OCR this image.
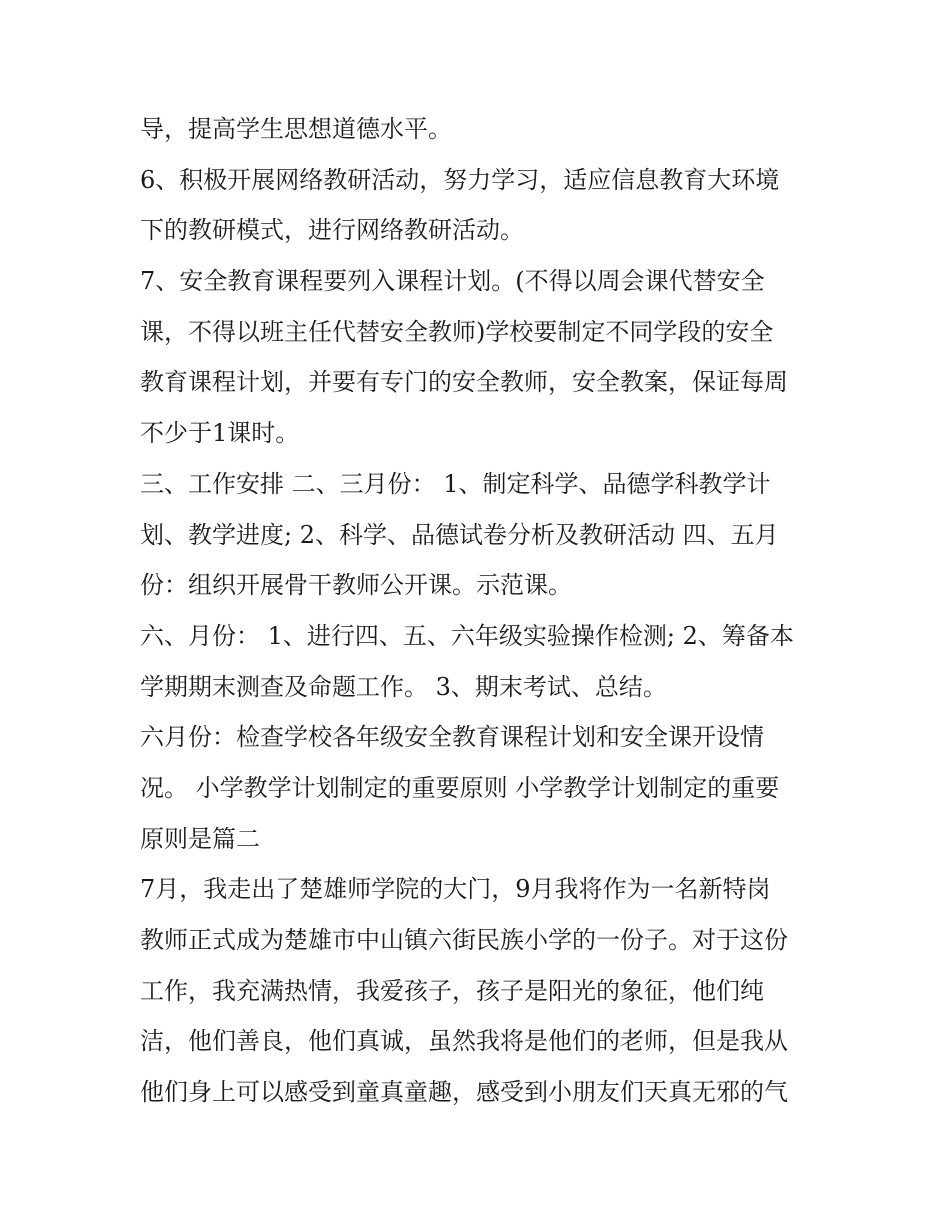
导，提高学生思想道德水平。
6、积极开展网络教研活动，努力学习，适应信息教育大环境
下的教研模式，进行网络教研活动。
7、安全教育课程要列入课程计划。(不得以周会课代替安全
课，不得以班主任代替安全教师)学校要制定不同学段的安全
教育课程计划，并要有专门的安全教师，安全教案，保证每周
不少于1课时。
三、工作安排 二、三月份： 1、制定科学、品德学科教学计
划、教学进度; 2、科学、品德试卷分析及教研活动 四、五月
份：组织开展骨干教师公开课。示范课。
六、月份： 1、进行四、五、六年级实验操作检测; 2、筹备本
学期期末测查及命题工作。 3、期末考试、总结。
六月份：检查学校各年级安全教育课程计划和安全课开设情
况。 小学教学计划制定的重要原则 小学教学计划制定的重要
原则是篇二
7月，我走出了楚雄师学院的大门，9月我将作为一名新特岗
教师正式成为楚雄市中山镇六街民族小学的一份子。对于这份
工作，我充满热情，我爱孩子，孩子是阳光的象征，他们纯
洁，他们善良，他们真诚，虽然我将是他们的老师，但是我从
他们身上可以感受到童真童趣，感受到小朋友们天真无邪的气
